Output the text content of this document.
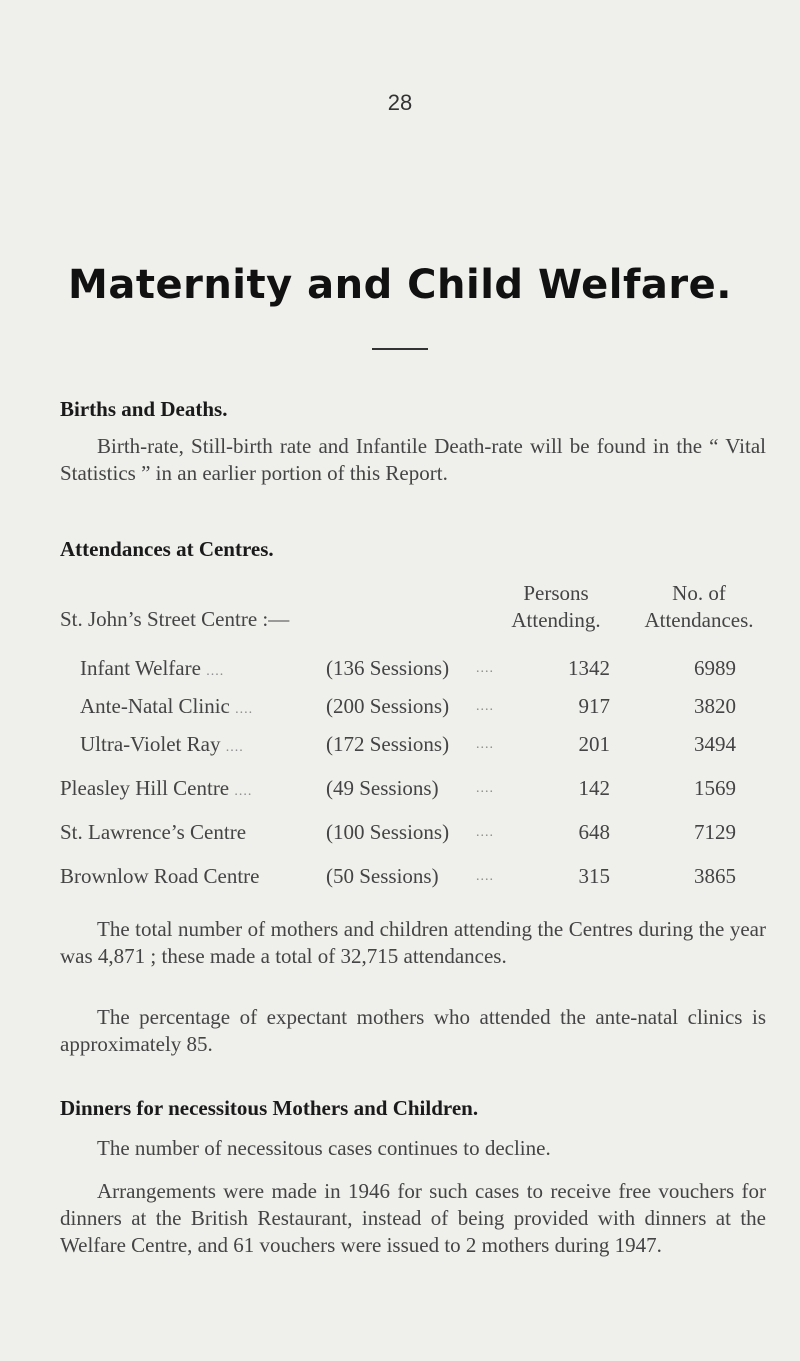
28
Maternity and Child Welfare.
Births and Deaths.
Birth-rate, Still-birth rate and Infantile Death-rate will be found in the “ Vital Statistics ” in an earlier portion of this Report.
Attendances at Centres.
Persons
Attending.
No. of
Attendances.
St. John’s Street Centre :—
Infant Welfare ....	(136 Sessions) ....	1342	6989
Ante-Natal Clinic ....	(200 Sessions) ....	917	3820
Ultra-Violet Ray ....	(172 Sessions) ....	201	3494
Pleasley Hill Centre ....	(49 Sessions)	....	142	1569
St. Lawrence’s Centre	(100 Sessions) ....	648	7129
Brownlow Road Centre	(50 Sessions)	....	315	3865
The total number of mothers and children attending the Centres during the year was 4,871 ; these made a total of 32,715 attendances.
The percentage of expectant mothers who attended the ante-natal clinics is approximately 85.
Dinners for necessitous Mothers and Children.
The number of necessitous cases continues to decline.
Arrangements were made in 1946 for such cases to receive free vouchers for dinners at the British Restaurant, instead of being provided with dinners at the Welfare Centre, and 61 vouchers were issued to 2 mothers during 1947.
